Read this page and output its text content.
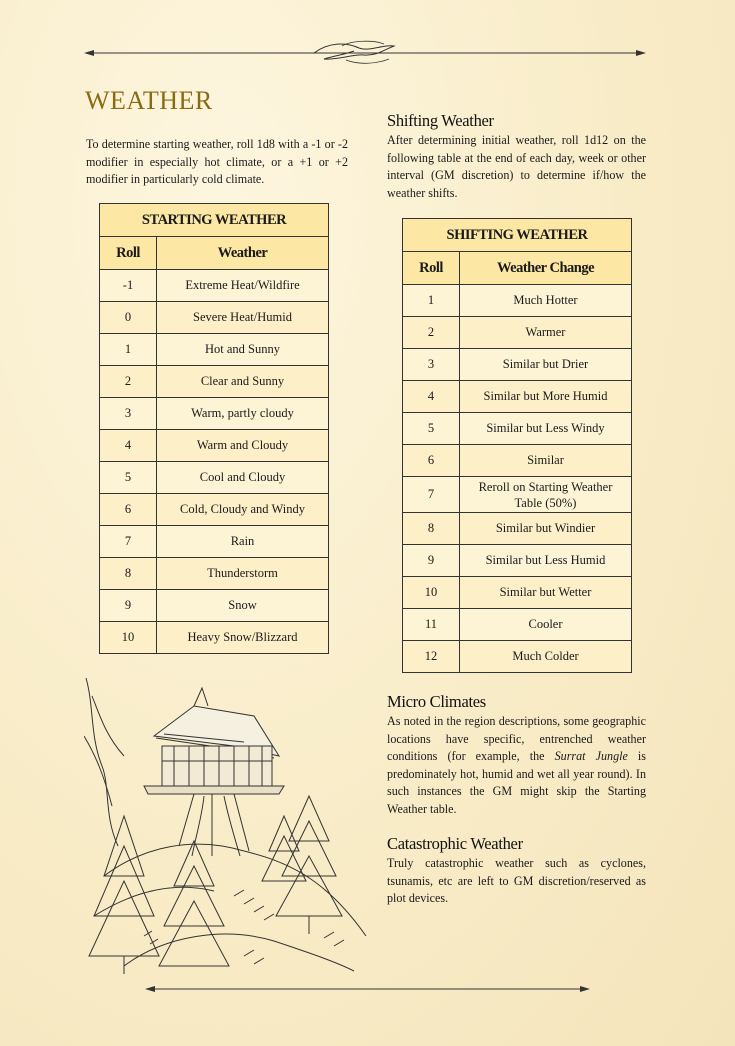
WEATHER

To determine starting weather, roll 1d8 with a -1 or -2 modifier in especially hot climate, or a +1 or +2 modifier in particularly cold climate.

STARTING WEATHER	
Roll	Weather
-1	Extreme Heat/Wildfire
0	Severe Heat/Humid
1	Hot and Sunny
2	Clear and Sunny
3	Warm, partly cloudy
4	Warm and Cloudy
5	Cool and Cloudy
6	Cold, Cloudy and Windy
7	Rain
8	Thunderstorm
9	Snow
10	Heavy Snow/Blizzard
Shifting Weather

After determining initial weather, roll 1d12 on the following table at the end of each day, week or other interval (GM discretion) to determine if/how the weather shifts.

SHIFTING WEATHER	
Roll	Weather Change
1	Much Hotter
2	Warmer
3	Similar but Drier
4	Similar but More Humid
5	Similar but Less Windy
6	Similar
7	Reroll on Starting Weather Table (50%)
8	Similar but Windier
9	Similar but Less Humid
10	Similar but Wetter
11	Cooler
12	Much Colder
Micro Climates

As noted in the region descriptions, some geographic locations have specific, entrenched weather conditions (for example, the Surrat Jungle is predominately hot, humid and wet all year round). In such instances the GM might skip the Starting Weather table.

Catastrophic Weather

Truly catastrophic weather such as cyclones, tsunamis, etc are left to GM discretion/reserved as plot devices.
